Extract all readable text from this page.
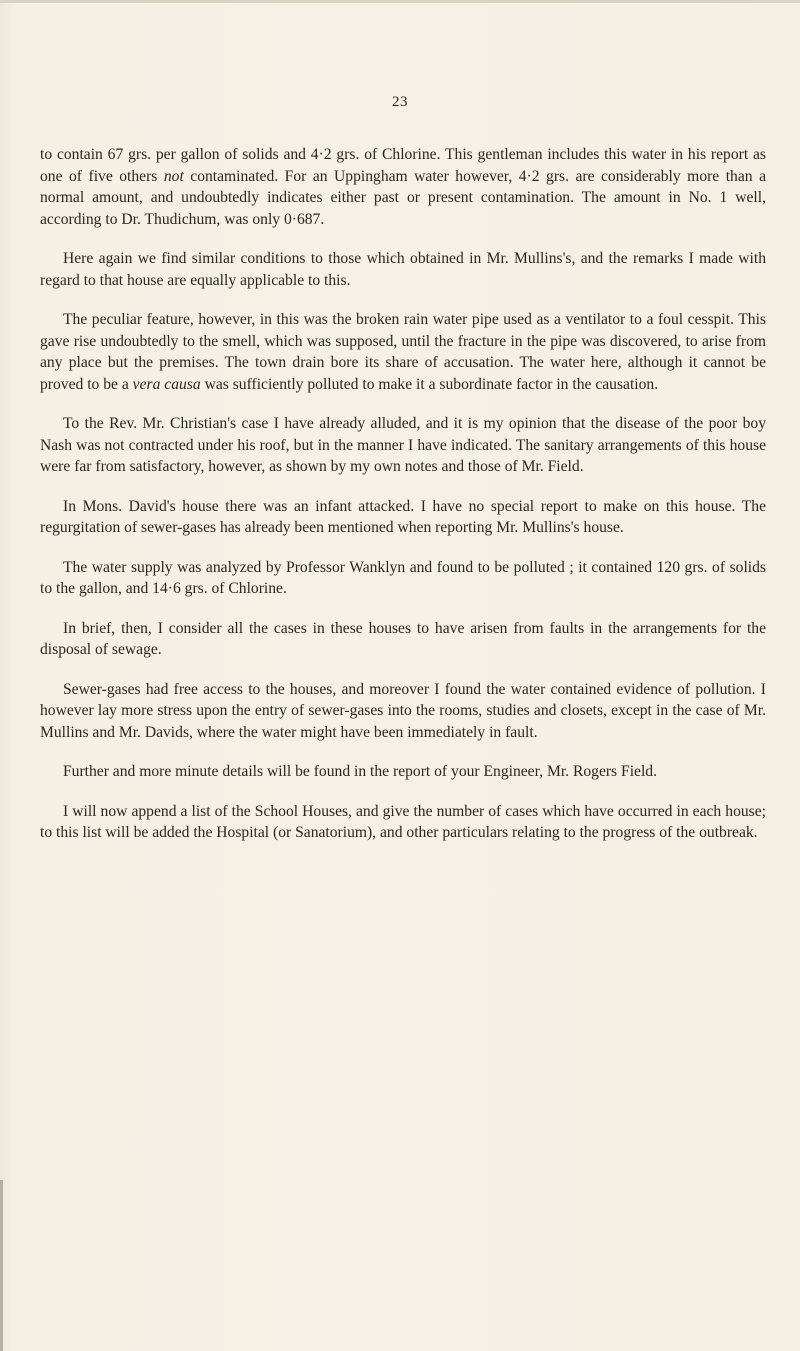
23

to contain 67 grs. per gallon of solids and 4·2 grs. of Chlorine. This gentleman includes this water in his report as one of five others not contaminated. For an Uppingham water however, 4·2 grs. are considerably more than a normal amount, and undoubtedly indicates either past or present contamination. The amount in No. 1 well, according to Dr. Thudichum, was only 0·687.

Here again we find similar conditions to those which obtained in Mr. Mullins's, and the remarks I made with regard to that house are equally applicable to this.

The peculiar feature, however, in this was the broken rain water pipe used as a ventilator to a foul cesspit. This gave rise undoubtedly to the smell, which was supposed, until the fracture in the pipe was discovered, to arise from any place but the premises. The town drain bore its share of accusation. The water here, although it cannot be proved to be a vera causa was sufficiently polluted to make it a subordinate factor in the causation.

To the Rev. Mr. Christian's case I have already alluded, and it is my opinion that the disease of the poor boy Nash was not contracted under his roof, but in the manner I have indicated. The sanitary arrangements of this house were far from satisfactory, however, as shown by my own notes and those of Mr. Field.

In Mons. David's house there was an infant attacked. I have no special report to make on this house. The regurgitation of sewer-gases has already been mentioned when reporting Mr. Mullins's house.

The water supply was analyzed by Professor Wanklyn and found to be polluted ; it contained 120 grs. of solids to the gallon, and 14·6 grs. of Chlorine.

In brief, then, I consider all the cases in these houses to have arisen from faults in the arrangements for the disposal of sewage.

Sewer-gases had free access to the houses, and moreover I found the water contained evidence of pollution. I however lay more stress upon the entry of sewer-gases into the rooms, studies and closets, except in the case of Mr. Mullins and Mr. Davids, where the water might have been immediately in fault.

Further and more minute details will be found in the report of your Engineer, Mr. Rogers Field.

I will now append a list of the School Houses, and give the number of cases which have occurred in each house; to this list will be added the Hospital (or Sanatorium), and other particulars relating to the progress of the outbreak.
